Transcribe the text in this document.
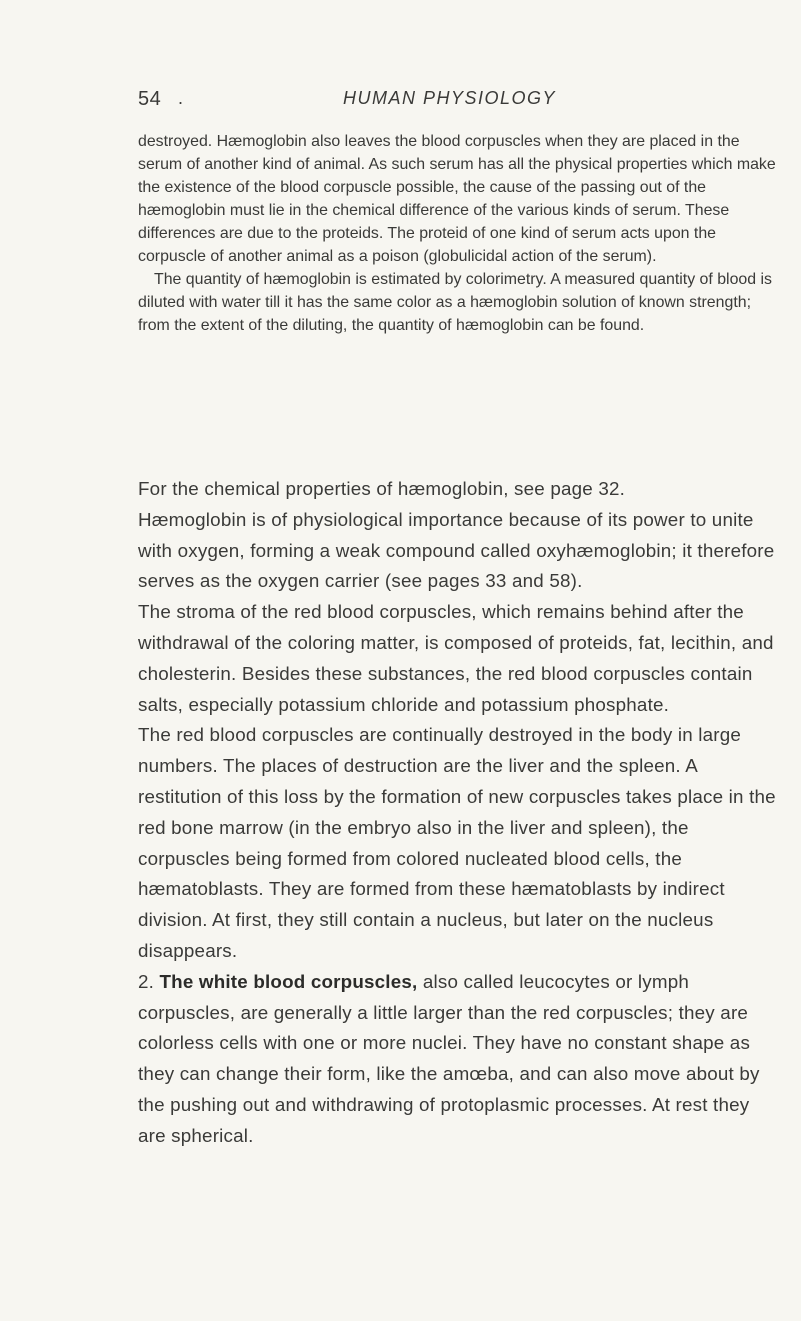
54 .	HUMAN PHYSIOLOGY

destroyed. Hæmoglobin also leaves the blood corpuscles when they are placed in the serum of another kind of animal. As such serum has all the physical properties which make the existence of the blood corpuscle possible, the cause of the passing out of the hæmoglobin must lie in the chemical difference of the various kinds of serum. These differences are due to the proteids. The proteid of one kind of serum acts upon the corpuscle of another animal as a poison (globulicidal action of the serum).

The quantity of hæmoglobin is estimated by colorimetry. A measured quantity of blood is diluted with water till it has the same color as a hæmoglobin solution of known strength; from the extent of the diluting, the quantity of hæmoglobin can be found.

For the chemical properties of hæmoglobin, see page 32.

Hæmoglobin is of physiological importance because of its power to unite with oxygen, forming a weak compound called oxyhæmoglobin; it therefore serves as the oxygen carrier (see pages 33 and 58).

The stroma of the red blood corpuscles, which remains behind after the withdrawal of the coloring matter, is composed of proteids, fat, lecithin, and cholesterin. Besides these substances, the red blood corpuscles contain salts, especially potassium chloride and potassium phosphate.

The red blood corpuscles are continually destroyed in the body in large numbers. The places of destruction are the liver and the spleen. A restitution of this loss by the formation of new corpuscles takes place in the red bone marrow (in the embryo also in the liver and spleen), the corpuscles being formed from colored nucleated blood cells, the hæmatoblasts. They are formed from these hæmatoblasts by indirect division. At first, they still contain a nucleus, but later on the nucleus disappears.

2. The white blood corpuscles, also called leucocytes or lymph corpuscles, are generally a little larger than the red corpuscles; they are colorless cells with one or more nuclei. They have no constant shape as they can change their form, like the amœba, and can also move about by the pushing out and withdrawing of protoplasmic processes. At rest they are spherical.
